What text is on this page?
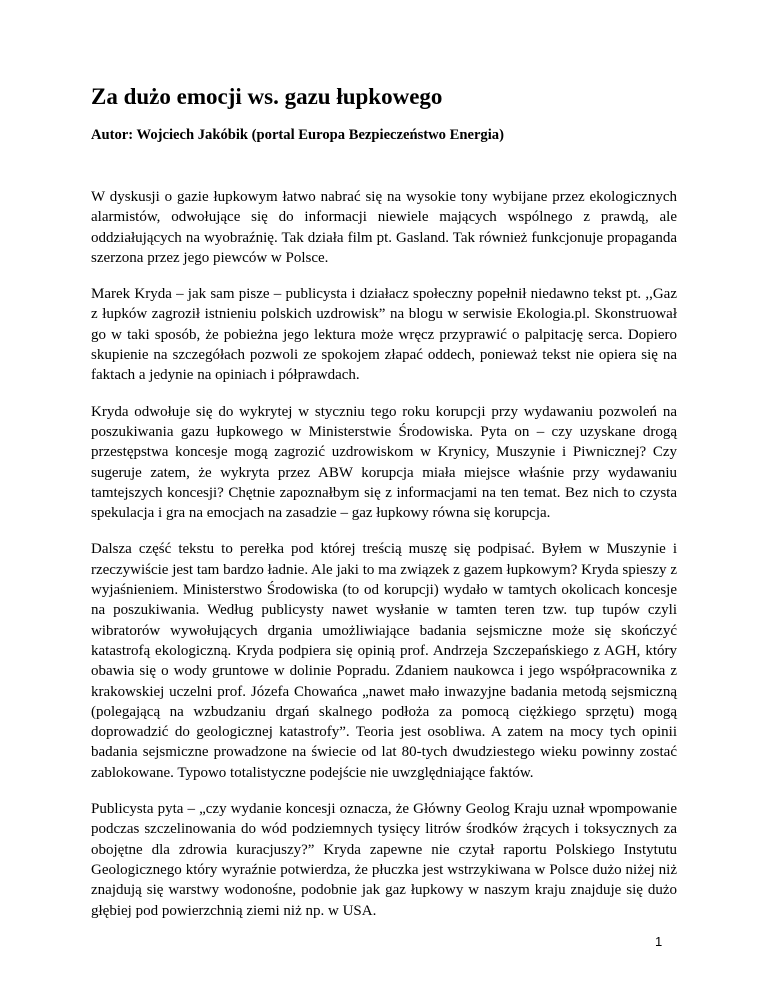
Za dużo emocji ws. gazu łupkowego

Autor: Wojciech Jakóbik (portal Europa Bezpieczeństwo Energia)

W dyskusji o gazie łupkowym łatwo nabrać się na wysokie tony wybijane przez ekologicznych alarmistów, odwołujące się do informacji niewiele mających wspólnego z prawdą, ale oddziałujących na wyobraźnię. Tak działa film pt. Gasland. Tak również funkcjonuje propaganda szerzona przez jego piewców w Polsce.

Marek Kryda – jak sam pisze – publicysta i działacz społeczny popełnił niedawno tekst pt. ,,Gaz z łupków zagroził istnieniu polskich uzdrowisk” na blogu w serwisie Ekologia.pl. Skonstruował go w taki sposób, że pobieżna jego lektura może wręcz przyprawić o palpitację serca. Dopiero skupienie na szczegółach pozwoli ze spokojem złapać oddech, ponieważ tekst nie opiera się na faktach a jedynie na opiniach i półprawdach.

Kryda odwołuje się do wykrytej w styczniu tego roku korupcji przy wydawaniu pozwoleń na poszukiwania gazu łupkowego w Ministerstwie Środowiska. Pyta on – czy uzyskane drogą przestępstwa koncesje mogą zagrozić uzdrowiskom w Krynicy, Muszynie i Piwnicznej? Czy sugeruje zatem, że wykryta przez ABW korupcja miała miejsce właśnie przy wydawaniu tamtejszych koncesji? Chętnie zapoznałbym się z informacjami na ten temat. Bez nich to czysta spekulacja i gra na emocjach na zasadzie – gaz łupkowy równa się korupcja.

Dalsza część tekstu to perełka pod której treścią muszę się podpisać. Byłem w Muszynie i rzeczywiście jest tam bardzo ładnie. Ale jaki to ma związek z gazem łupkowym? Kryda spieszy z wyjaśnieniem. Ministerstwo Środowiska (to od korupcji) wydało w tamtych okolicach koncesje na poszukiwania. Według publicysty nawet wysłanie w tamten teren tzw. tup tupów czyli wibratorów wywołujących drgania umożliwiające badania sejsmiczne może się skończyć katastrofą ekologiczną. Kryda podpiera się opinią prof. Andrzeja Szczepańskiego z AGH, który obawia się o wody gruntowe w dolinie Popradu. Zdaniem naukowca i jego współpracownika z krakowskiej uczelni prof. Józefa Chowańca „nawet mało inwazyjne badania metodą sejsmiczną (polegającą na wzbudzaniu drgań skalnego podłoża za pomocą ciężkiego sprzętu) mogą doprowadzić do geologicznej katastrofy”. Teoria jest osobliwa. A zatem na mocy tych opinii badania sejsmiczne prowadzone na świecie od lat 80-tych dwudziestego wieku powinny zostać zablokowane. Typowo totalistyczne podejście nie uwzględniające faktów.

Publicysta pyta – „czy wydanie koncesji oznacza, że Główny Geolog Kraju uznał wpompowanie podczas szczelinowania do wód podziemnych tysięcy litrów środków żrących i toksycznych za obojętne dla zdrowia kuracjuszy?” Kryda zapewne nie czytał raportu Polskiego Instytutu Geologicznego który wyraźnie potwierdza, że płuczka jest wstrzykiwana w Polsce dużo niżej niż znajdują się warstwy wodonośne, podobnie jak gaz łupkowy w naszym kraju znajduje się dużo głębiej pod powierzchnią ziemi niż np. w USA.

1
